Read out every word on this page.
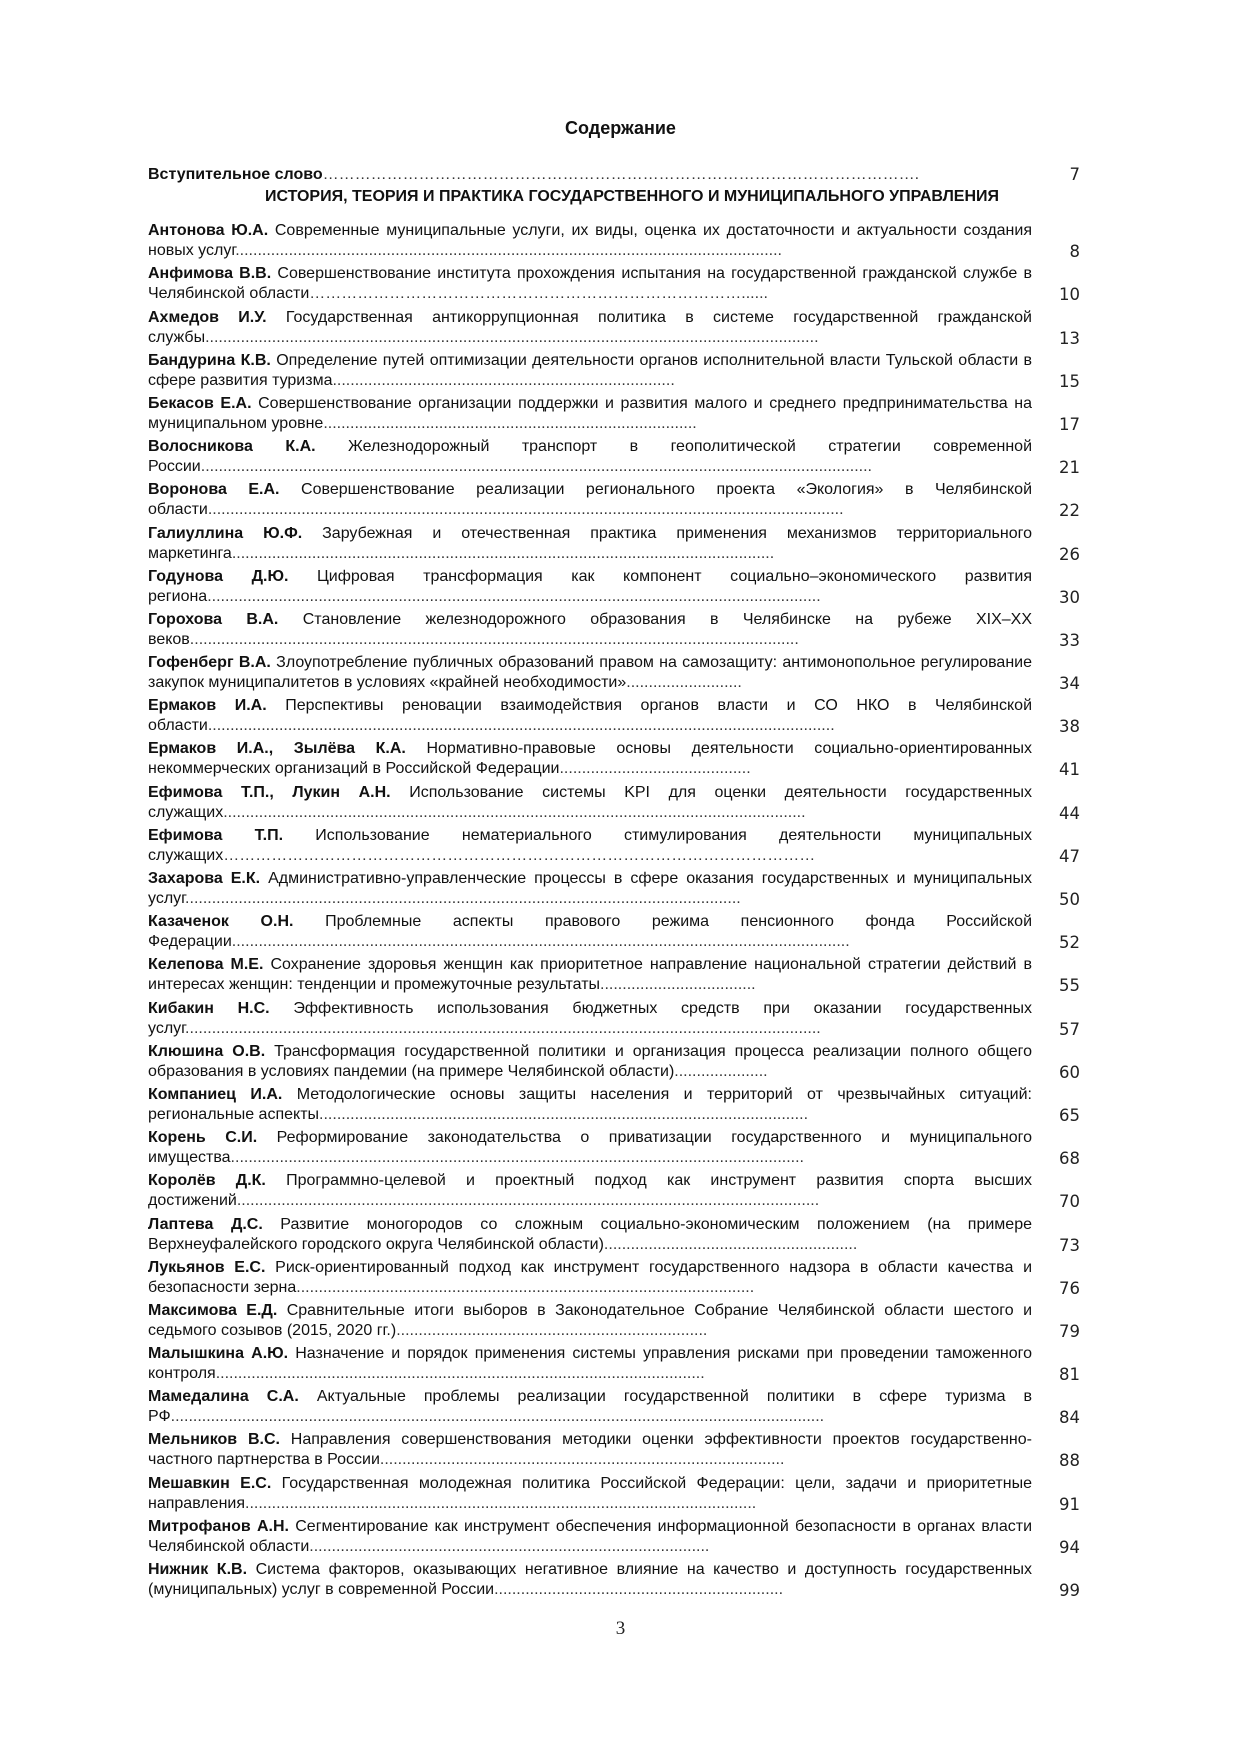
Содержание
Вступительное слово………………………………………………………………………………………………….	7
ИСТОРИЯ, ТЕОРИЯ И ПРАКТИКА ГОСУДАРСТВЕННОГО И МУНИЦИПАЛЬНОГО УПРАВЛЕНИЯ
Антонова Ю.А. Современные муниципальные услуги, их виды, оценка их достаточности и актуальности создания новых услуг...........................................................................................................................	8
Анфимова В.В. Совершенствование института прохождения испытания на государственной гражданской службе в Челябинской области………………………………………………………………………......	10
Ахмедов И.У. Государственная антикоррупционная политика в системе государственной гражданской службы..........................................................................................................................................	13
Бандурина К.В. Определение путей оптимизации деятельности органов исполнительной власти Тульской области в сфере развития туризма.............................................................................	15
Бекасов Е.А. Совершенствование организации поддержки и развития малого и среднего предпринимательства на муниципальном уровне....................................................................................	17
Волосникова К.А. Железнодорожный транспорт в геополитической стратегии современной России.......................................................................................................................................................	21
Воронова Е.А. Совершенствование реализации регионального проекта «Экология» в Челябинской области...............................................................................................................................................	22
Галиуллина Ю.Ф. Зарубежная и отечественная практика применения механизмов территориального маркетинга..........................................................................................................................	26
Годунова Д.Ю. Цифровая трансформация как компонент социально–экономического развития региона..........................................................................................................................................	30
Горохова В.А. Становление железнодорожного образования в Челябинске на рубеже XIX–XX веков.........................................................................................................................................	33
Гофенберг В.А. Злоупотребление публичных образований правом на самозащиту: антимонопольное регулирование закупок муниципалитетов в условиях «крайней необходимости»..........................	34
Ермаков И.А. Перспективы реновации взаимодействия органов власти и СО НКО в Челябинской области.............................................................................................................................................	38
Ермаков И.А., Зылёва К.А. Нормативно-правовые основы деятельности социально-ориентированных некоммерческих организаций в Российской Федерации...........................................	41
Ефимова Т.П., Лукин А.Н. Использование системы KPI для оценки деятельности государственных служащих...................................................................................................................................	44
Ефимова Т.П. Использование нематериального стимулирования деятельности муниципальных служащих…………………………………………………………………………………………………	47
Захарова Е.К. Административно-управленческие процессы в сфере оказания государственных и муниципальных услуг.............................................................................................................................	50
Казаченок О.Н. Проблемные аспекты правового режима пенсионного фонда Российской Федерации...........................................................................................................................................	52
Келепова М.Е. Сохранение здоровья женщин как приоритетное направление национальной стратегии действий в интересах женщин: тенденции и промежуточные результаты...................................	55
Кибакин Н.С. Эффективность использования бюджетных средств при оказании государственных услуг...............................................................................................................................................	57
Клюшина О.В. Трансформация государственной политики и организация процесса реализации полного общего образования в условиях пандемии (на примере Челябинской области).....................	60
Компаниец И.А. Методологические основы защиты населения и территорий от чрезвычайных ситуаций: региональные аспекты..............................................................................................................	65
Корень С.И. Реформирование законодательства о приватизации государственного и муниципального имущества.................................................................................................................................	68
Королёв Д.К. Программно-целевой и проектный подход как инструмент развития спорта высших достижений...................................................................................................................................	70
Лаптева Д.С. Развитие моногородов со сложным социально-экономическим положением (на примере Верхнеуфалейского городского округа Челябинской области).........................................................	73
Лукьянов Е.С. Риск-ориентированный подход как инструмент государственного надзора в области качества и безопасности зерна.......................................................................................................	76
Максимова Е.Д. Сравнительные итоги выборов в Законодательное Собрание Челябинской области шестого и седьмого созывов (2015, 2020 гг.)......................................................................	79
Малышкина А.Ю. Назначение и порядок применения системы управления рисками при проведении таможенного контроля..............................................................................................................	81
Мамедалина С.А. Актуальные проблемы реализации государственной политики в сфере туризма в РФ...................................................................................................................................................	84
Мельников В.С. Направления совершенствования методики оценки эффективности проектов государственно-частного партнерства в России...........................................................................................	88
Мешавкин Е.С. Государственная молодежная политика Российской Федерации: цели, задачи и приоритетные направления...................................................................................................................	91
Митрофанов А.Н. Сегментирование как инструмент обеспечения информационной безопасности в органах власти Челябинской области..........................................................................................	94
Нижник К.В. Система факторов, оказывающих негативное влияние на качество и доступность государственных (муниципальных) услуг в современной России.................................................................	99
3
